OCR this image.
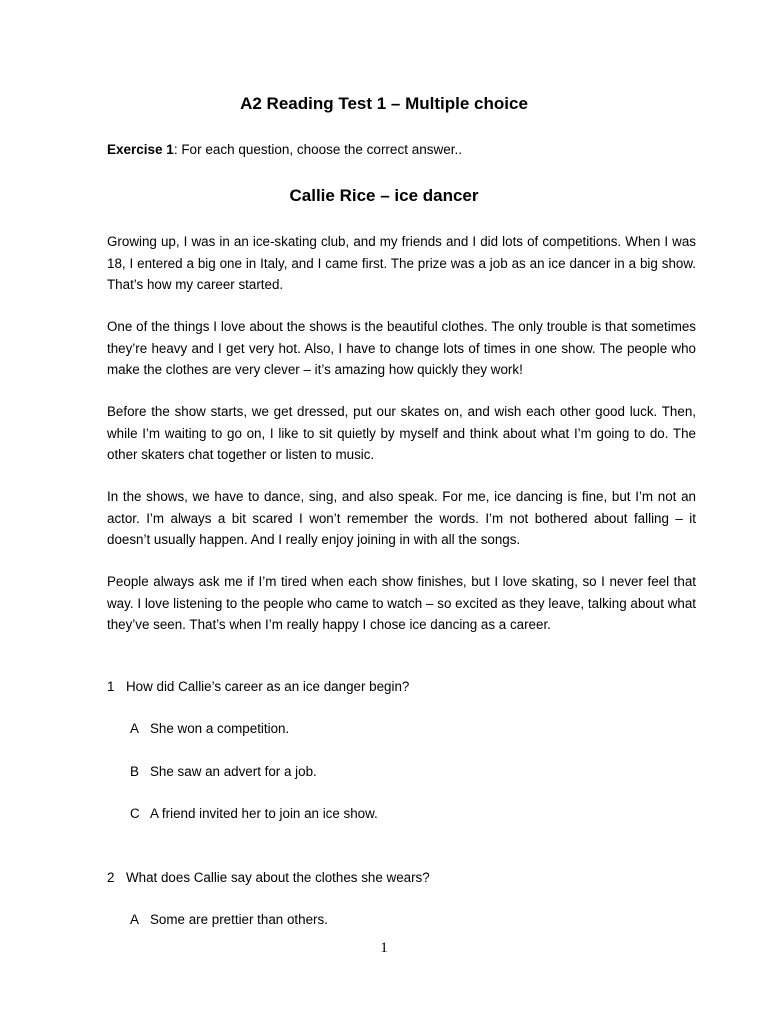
A2 Reading Test 1 – Multiple choice
Exercise 1: For each question, choose the correct answer..
Callie Rice – ice dancer

Growing up, I was in an ice-skating club, and my friends and I did lots of competitions. When I was 18, I entered a big one in Italy, and I came first. The prize was a job as an ice dancer in a big show. That’s how my career started.

One of the things I love about the shows is the beautiful clothes. The only trouble is that sometimes they’re heavy and I get very hot. Also, I have to change lots of times in one show. The people who make the clothes are very clever – it’s amazing how quickly they work!

Before the show starts, we get dressed, put our skates on, and wish each other good luck. Then, while I’m waiting to go on, I like to sit quietly by myself and think about what I’m going to do. The other skaters chat together or listen to music.

In the shows, we have to dance, sing, and also speak. For me, ice dancing is fine, but I’m not an actor. I’m always a bit scared I won’t remember the words. I’m not bothered about falling – it doesn’t usually happen. And I really enjoy joining in with all the songs.

People always ask me if I’m tired when each show finishes, but I love skating, so I never feel that way. I love listening to the people who came to watch – so excited as they leave, talking about what they’ve seen. That’s when I’m really happy I chose ice dancing as a career.

1 How did Callie’s career as an ice danger begin?
A She won a competition.
B She saw an advert for a job.
C A friend invited her to join an ice show.
2 What does Callie say about the clothes she wears?
A Some are prettier than others.
1
